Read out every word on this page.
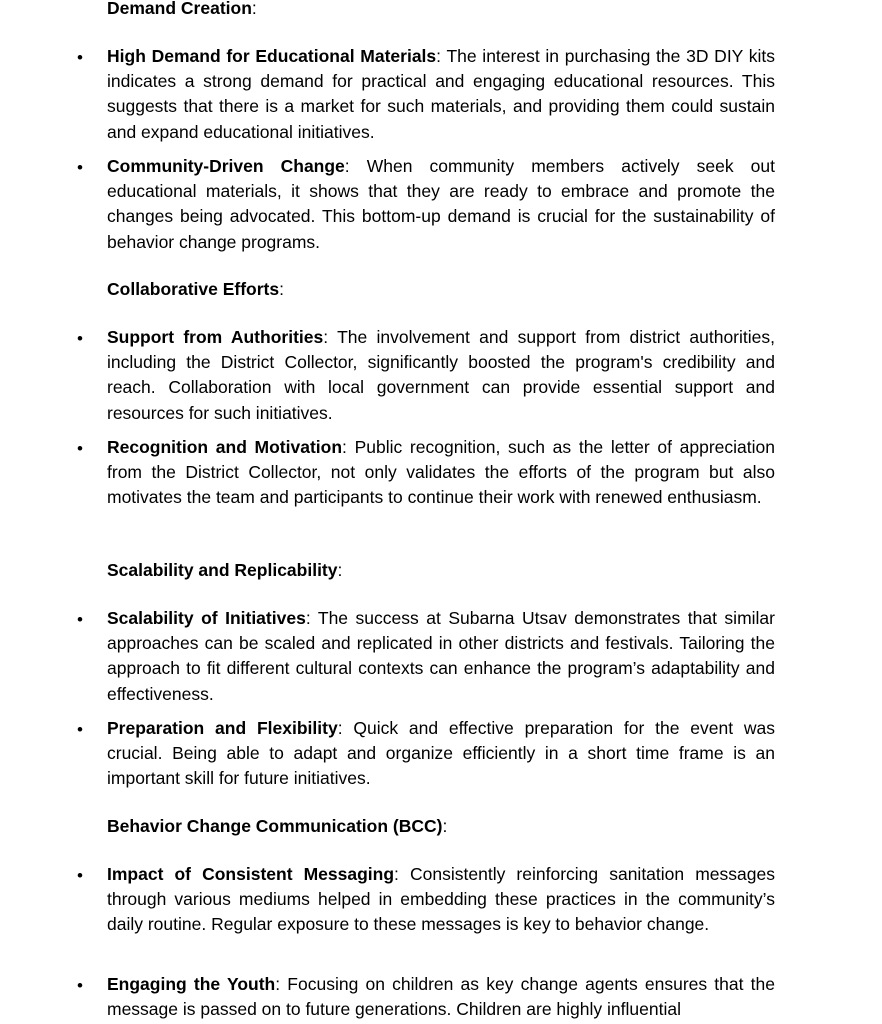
Demand Creation:

• High Demand for Educational Materials: The interest in purchasing the 3D DIY kits indicates a strong demand for practical and engaging educational resources. This suggests that there is a market for such materials, and providing them could sustain and expand educational initiatives.

• Community-Driven Change: When community members actively seek out educational materials, it shows that they are ready to embrace and promote the changes being advocated. This bottom-up demand is crucial for the sustainability of behavior change programs.

Collaborative Efforts:

• Support from Authorities: The involvement and support from district authorities, including the District Collector, significantly boosted the program's credibility and reach. Collaboration with local government can provide essential support and resources for such initiatives.

• Recognition and Motivation: Public recognition, such as the letter of appreciation from the District Collector, not only validates the efforts of the program but also motivates the team and participants to continue their work with renewed enthusiasm.

Scalability and Replicability:

• Scalability of Initiatives: The success at Subarna Utsav demonstrates that similar approaches can be scaled and replicated in other districts and festivals. Tailoring the approach to fit different cultural contexts can enhance the program’s adaptability and effectiveness.

• Preparation and Flexibility: Quick and effective preparation for the event was crucial. Being able to adapt and organize efficiently in a short time frame is an important skill for future initiatives.

Behavior Change Communication (BCC):

• Impact of Consistent Messaging: Consistently reinforcing sanitation messages through various mediums helped in embedding these practices in the community’s daily routine. Regular exposure to these messages is key to behavior change.

• Engaging the Youth: Focusing on children as key change agents ensures that the message is passed on to future generations. Children are highly influential
